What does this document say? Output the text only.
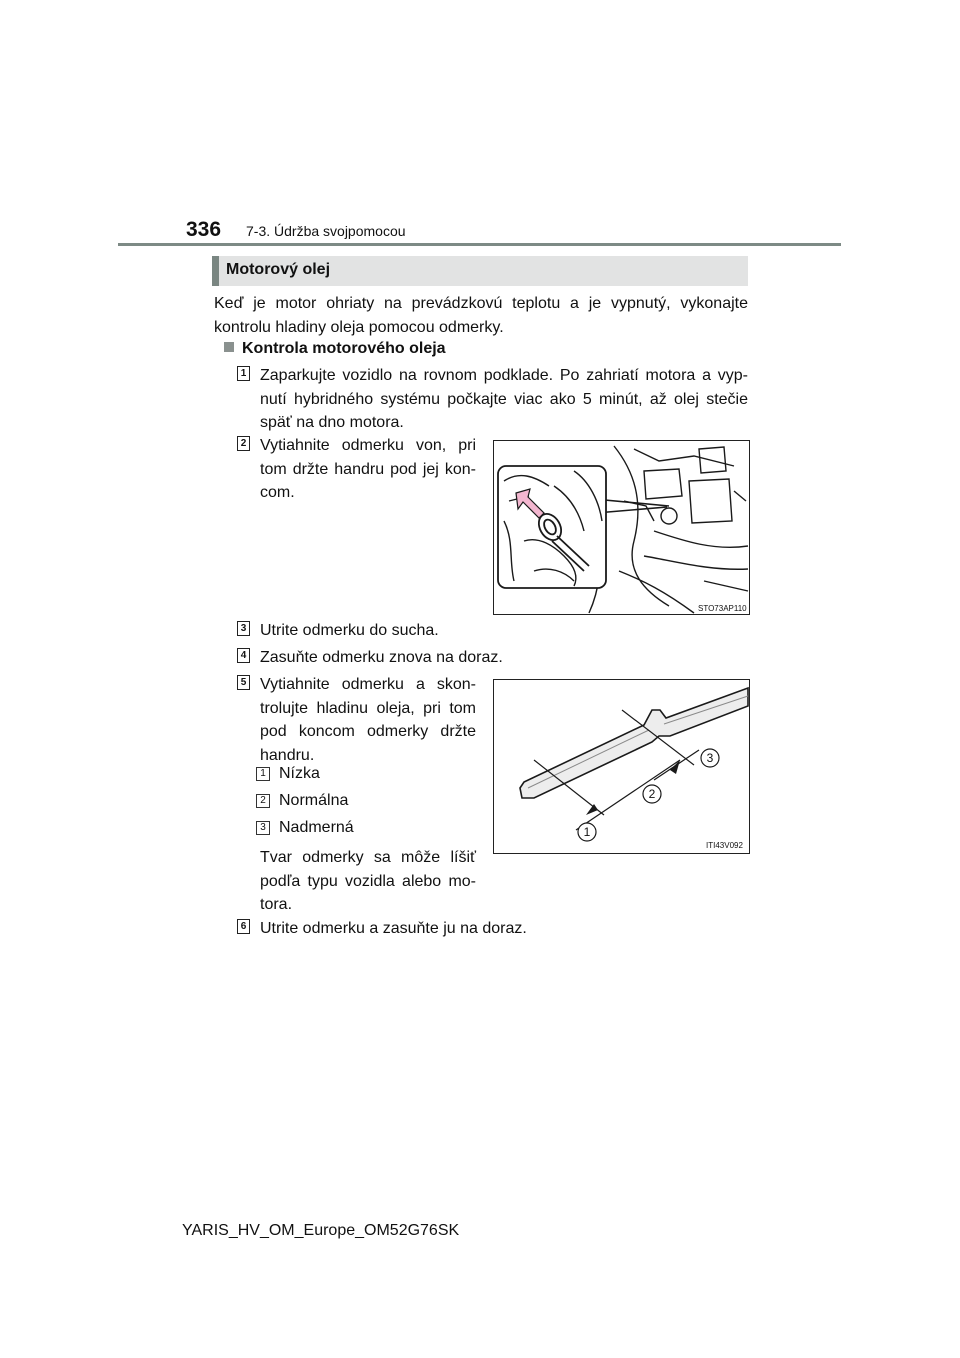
336 7-3. Údržba svojpomocou
Motorový olej
Keď je motor ohriaty na prevádzkovú teplotu a je vypnutý, vykonajte kontrolu hladiny oleja pomocou odmerky.
Kontrola motorového oleja
1 Zaparkujte vozidlo na rovnom podklade. Po zahriatí motora a vyp-nutí hybridného systému počkajte viac ako 5 minút, až olej stečie späť na dno motora.
2 Vytiahnite odmerku von, pri tom držte handru pod jej kon-com.
STO73AP110
3 Utrite odmerku do sucha.
4 Zasuňte odmerku znova na doraz.
5 Vytiahnite odmerku a skon-trolujte hladinu oleja, pri tom pod koncom odmerky držte handru.
1 Nízka
2 Normálna
3 Nadmerná
Tvar odmerky sa môže líšiť podľa typu vozidla alebo mo-tora.
1
2
3
ITI43V092
6 Utrite odmerku a zasuňte ju na doraz.
YARIS_HV_OM_Europe_OM52G76SK
